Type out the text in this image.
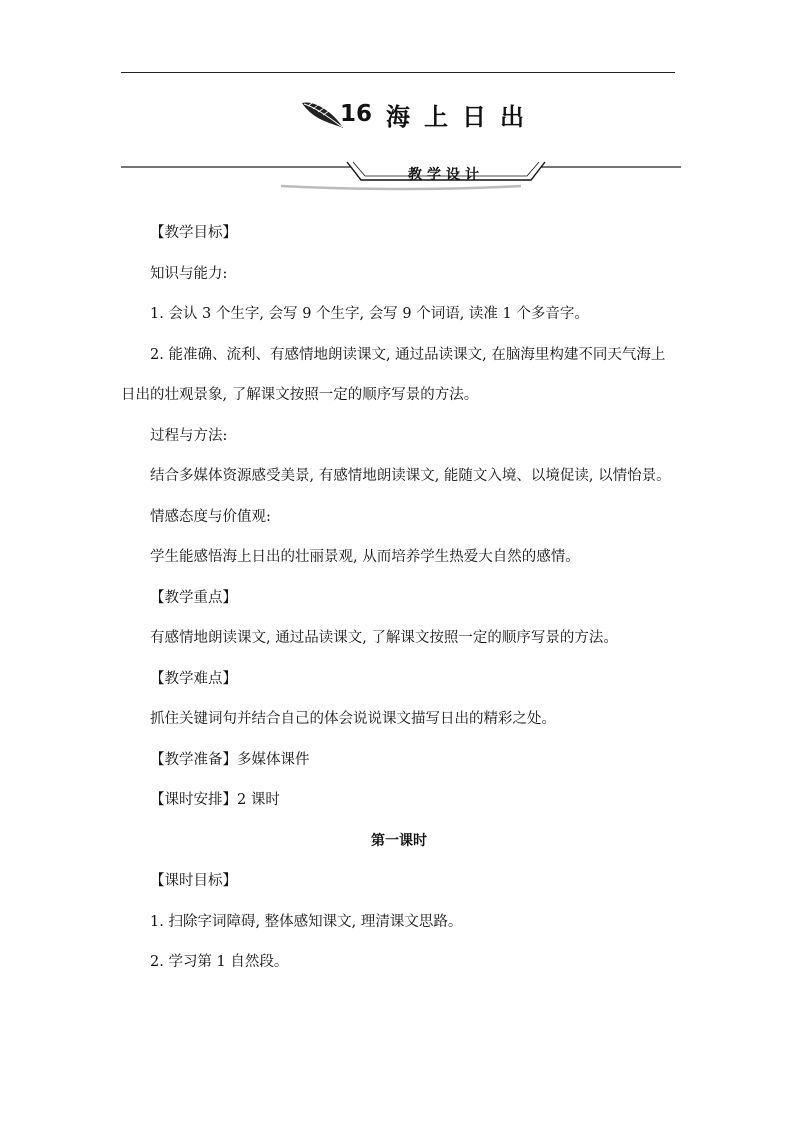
16 海上日出
教学设计

【教学目标】

知识与能力:

1. 会认 3 个生字, 会写 9 个生字, 会写 9 个词语, 读准 1 个多音字。

2. 能准确、流利、有感情地朗读课文, 通过品读课文, 在脑海里构建不同天气海上日出的壮观景象, 了解课文按照一定的顺序写景的方法。

过程与方法:

结合多媒体资源感受美景, 有感情地朗读课文, 能随文入境、以境促读, 以情怡景。

情感态度与价值观:

学生能感悟海上日出的壮丽景观, 从而培养学生热爱大自然的感情。

【教学重点】

有感情地朗读课文, 通过品读课文, 了解课文按照一定的顺序写景的方法。

【教学难点】

抓住关键词句并结合自己的体会说说课文描写日出的精彩之处。

【教学准备】多媒体课件

【课时安排】2 课时

第一课时

【课时目标】

1. 扫除字词障碍, 整体感知课文, 理清课文思路。

2. 学习第 1 自然段。
